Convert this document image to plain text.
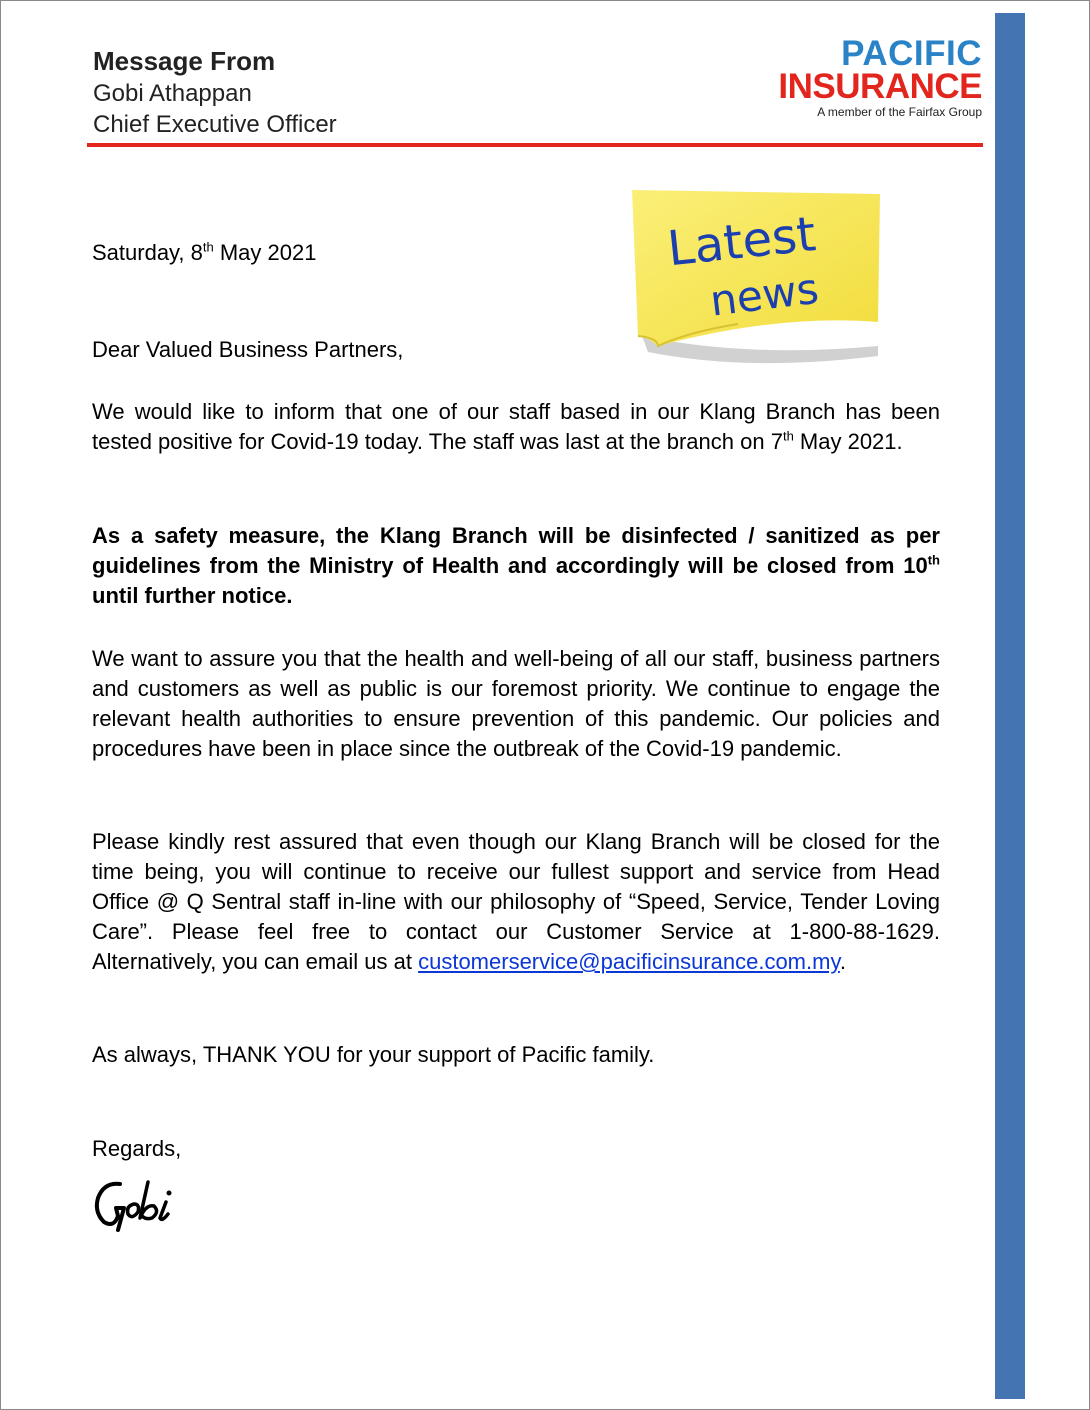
Message From
Gobi Athappan
Chief Executive Officer
PACIFIC
INSURANCE
A member of the Fairfax Group
Latest
news
Saturday, 8th May 2021
Dear Valued Business Partners,
We would like to inform that one of our staff based in our Klang Branch has been tested positive for Covid-19 today. The staff was last at the branch on 7th May 2021.
As a safety measure, the Klang Branch will be disinfected / sanitized as per guidelines from the Ministry of Health and accordingly will be closed from 10th until further notice.
We want to assure you that the health and well-being of all our staff, business partners and customers as well as public is our foremost priority. We continue to engage the relevant health authorities to ensure prevention of this pandemic. Our policies and procedures have been in place since the outbreak of the Covid-19 pandemic.
Please kindly rest assured that even though our Klang Branch will be closed for the time being, you will continue to receive our fullest support and service from Head Office @ Q Sentral staff in-line with our philosophy of “Speed, Service, Tender Loving Care”. Please feel free to contact our Customer Service at 1-800-88-1629. Alternatively, you can email us at customerservice@pacificinsurance.com.my.
As always, THANK YOU for your support of Pacific family.
Regards,
